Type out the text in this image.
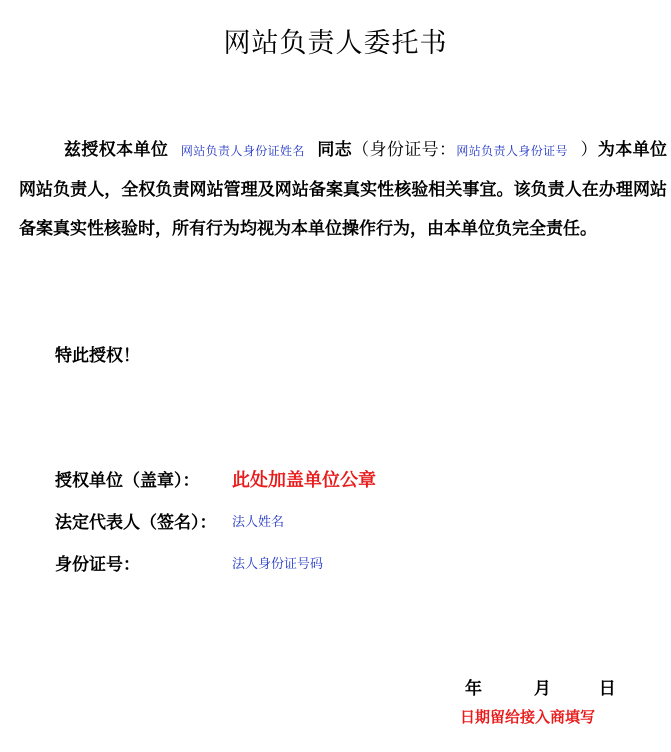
网站负责人委托书
兹授权本单位 网站负责人身份证姓名 同志（身份证号：网站负责人身份证号 ）为本单位网站负责人，全权负责网站管理及网站备案真实性核验相关事宜。该负责人在办理网站备案真实性核验时，所有行为均视为本单位操作行为，由本单位负完全责任。
特此授权！
授权单位（盖章）： 此处加盖单位公章
法定代表人（签名）： 法人姓名
身份证号：	法人身份证号码
年	月	日
日期留给接入商填写
